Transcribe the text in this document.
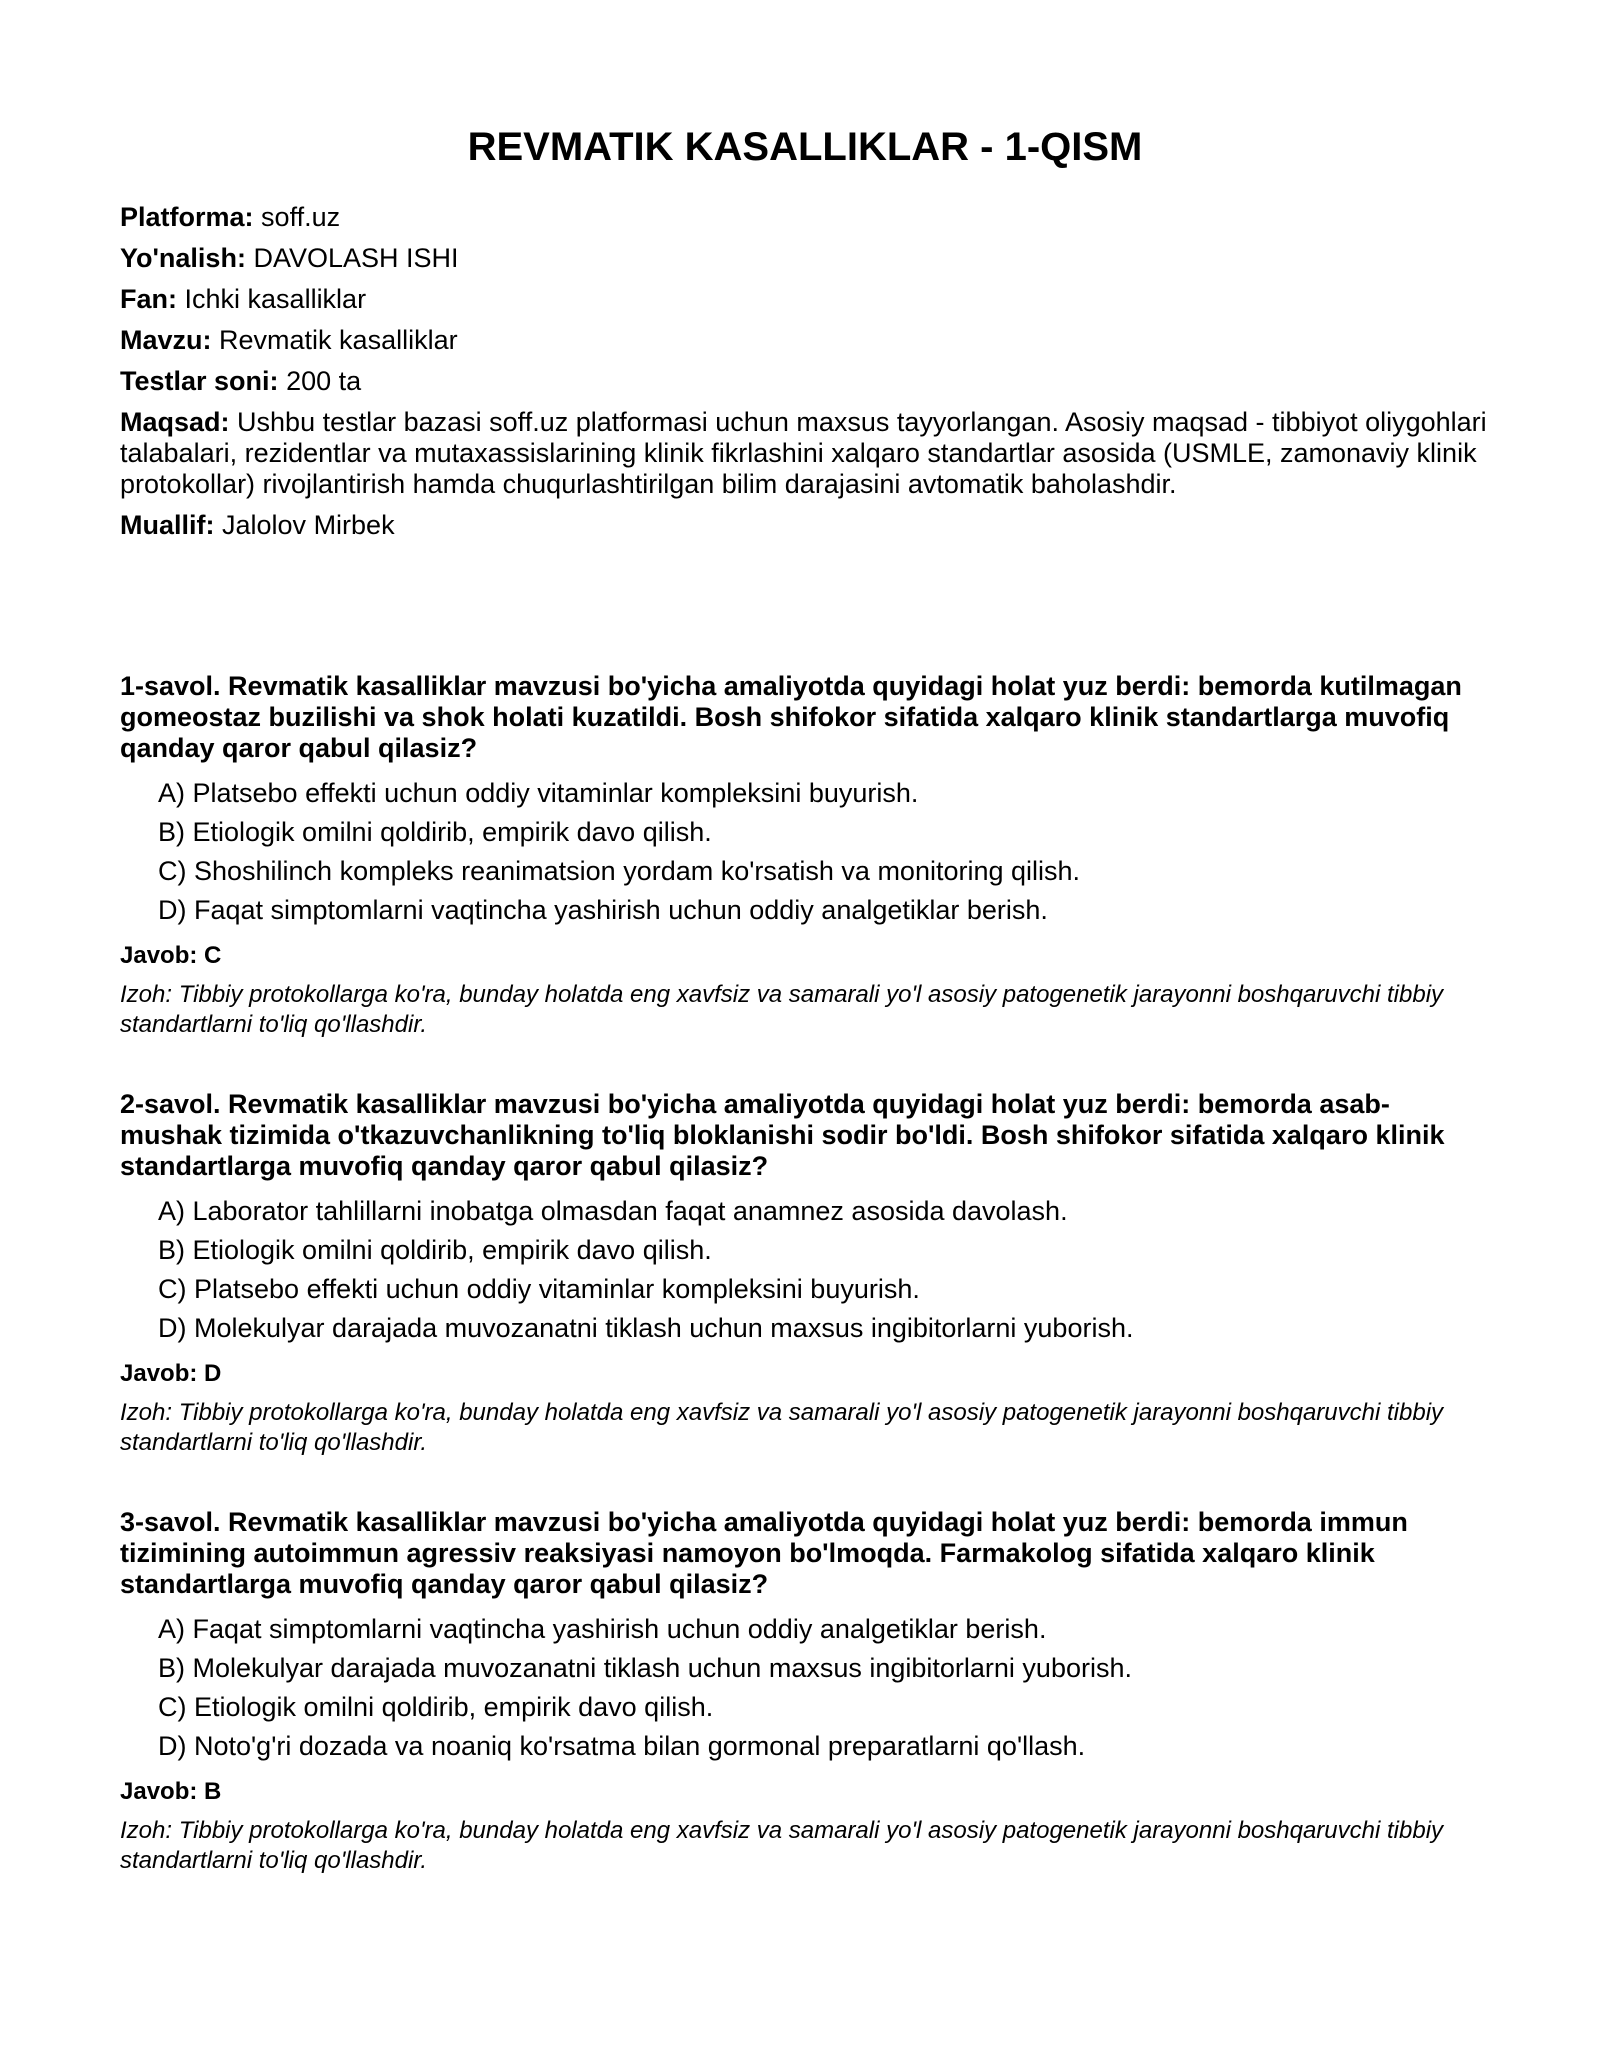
REVMATIK KASALLIKLAR - 1-QISM
Platforma: soff.uz
Yo'nalish: DAVOLASH ISHI
Fan: Ichki kasalliklar
Mavzu: Revmatik kasalliklar
Testlar soni: 200 ta
Maqsad: Ushbu testlar bazasi soff.uz platformasi uchun maxsus tayyorlangan. Asosiy maqsad - tibbiyot oliygohlari talabalari, rezidentlar va mutaxassislarining klinik fikrlashini xalqaro standartlar asosida (USMLE, zamonaviy klinik protokollar) rivojlantirish hamda chuqurlashtirilgan bilim darajasini avtomatik baholashdir.
Muallif: Jalolov Mirbek
1-savol. Revmatik kasalliklar mavzusi bo'yicha amaliyotda quyidagi holat yuz berdi: bemorda kutilmagan gomeostaz buzilishi va shok holati kuzatildi. Bosh shifokor sifatida xalqaro klinik standartlarga muvofiq qanday qaror qabul qilasiz?
A) Platsebo effekti uchun oddiy vitaminlar kompleksini buyurish.
B) Etiologik omilni qoldirib, empirik davo qilish.
C) Shoshilinch kompleks reanimatsion yordam ko'rsatish va monitoring qilish.
D) Faqat simptomlarni vaqtincha yashirish uchun oddiy analgetiklar berish.
Javob: C
Izoh: Tibbiy protokollarga ko'ra, bunday holatda eng xavfsiz va samarali yo'l asosiy patogenetik jarayonni boshqaruvchi tibbiy standartlarni to'liq qo'llashdir.
2-savol. Revmatik kasalliklar mavzusi bo'yicha amaliyotda quyidagi holat yuz berdi: bemorda asab-mushak tizimida o'tkazuvchanlikning to'liq bloklanishi sodir bo'ldi. Bosh shifokor sifatida xalqaro klinik standartlarga muvofiq qanday qaror qabul qilasiz?
A) Laborator tahlillarni inobatga olmasdan faqat anamnez asosida davolash.
B) Etiologik omilni qoldirib, empirik davo qilish.
C) Platsebo effekti uchun oddiy vitaminlar kompleksini buyurish.
D) Molekulyar darajada muvozanatni tiklash uchun maxsus ingibitorlarni yuborish.
Javob: D
Izoh: Tibbiy protokollarga ko'ra, bunday holatda eng xavfsiz va samarali yo'l asosiy patogenetik jarayonni boshqaruvchi tibbiy standartlarni to'liq qo'llashdir.
3-savol. Revmatik kasalliklar mavzusi bo'yicha amaliyotda quyidagi holat yuz berdi: bemorda immun tizimining autoimmun agressiv reaksiyasi namoyon bo'lmoqda. Farmakolog sifatida xalqaro klinik standartlarga muvofiq qanday qaror qabul qilasiz?
A) Faqat simptomlarni vaqtincha yashirish uchun oddiy analgetiklar berish.
B) Molekulyar darajada muvozanatni tiklash uchun maxsus ingibitorlarni yuborish.
C) Etiologik omilni qoldirib, empirik davo qilish.
D) Noto'g'ri dozada va noaniq ko'rsatma bilan gormonal preparatlarni qo'llash.
Javob: B
Izoh: Tibbiy protokollarga ko'ra, bunday holatda eng xavfsiz va samarali yo'l asosiy patogenetik jarayonni boshqaruvchi tibbiy standartlarni to'liq qo'llashdir.
